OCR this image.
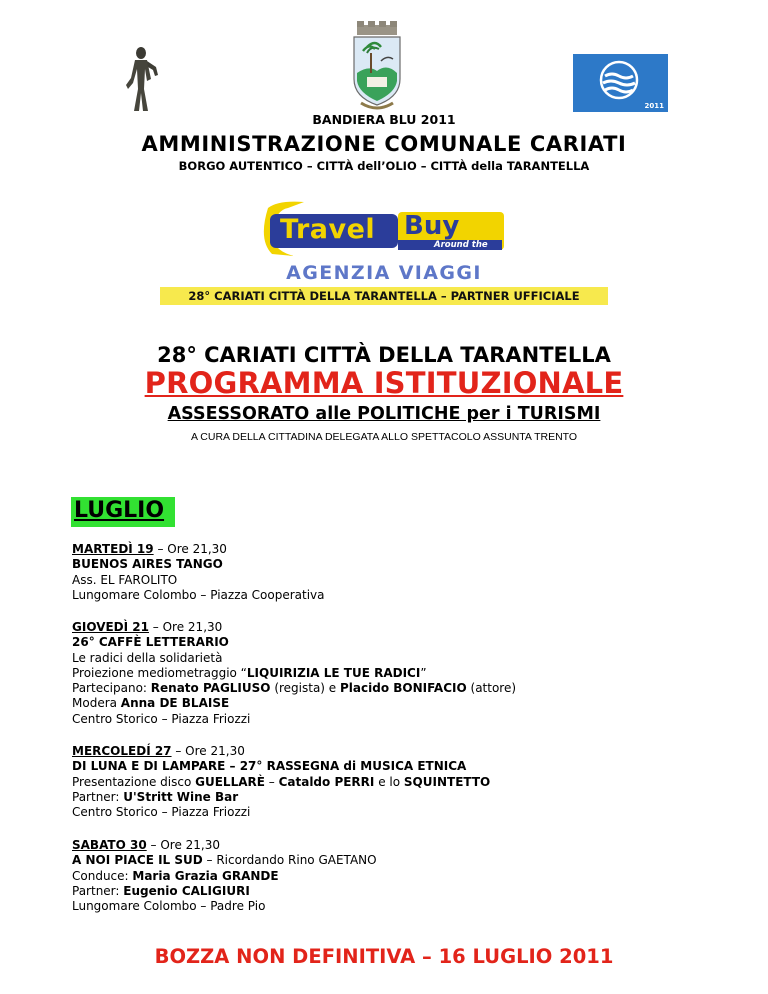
2011
BANDIERA BLU 2011
AMMINISTRAZIONE COMUNALE CARIATI
BORGO AUTENTICO – CITTÀ dell’OLIO – CITTÀ della TARANTELLA
Travel Buy
Around the world
AGENZIA VIAGGI
28° CARIATI CITTÀ DELLA TARANTELLA – PARTNER UFFICIALE
28° CARIATI CITTÀ DELLA TARANTELLA
PROGRAMMA ISTITUZIONALE
ASSESSORATO alle POLITICHE per i TURISMI
A CURA DELLA CITTADINA DELEGATA ALLO SPETTACOLO ASSUNTA TRENTO
LUGLIO
MARTEDÌ 19 – Ore 21,30
BUENOS AIRES TANGO
Ass. EL FAROLITO
Lungomare Colombo – Piazza Cooperativa
GIOVEDÌ 21 – Ore 21,30
26° CAFFÈ LETTERARIO
Le radici della solidarietà
Proiezione mediometraggio “LIQUIRIZIA LE TUE RADICI”
Partecipano: Renato PAGLIUSO (regista) e Placido BONIFACIO (attore)
Modera Anna DE BLAISE
Centro Storico – Piazza Friozzi
MERCOLEDÍ 27 – Ore 21,30
DI LUNA E DI LAMPARE – 27° RASSEGNA di MUSICA ETNICA
Presentazione disco GUELLARÈ – Cataldo PERRI e lo SQUINTETTO
Partner: U'Stritt Wine Bar
Centro Storico – Piazza Friozzi
SABATO 30 – Ore 21,30
A NOI PIACE IL SUD – Ricordando Rino GAETANO
Conduce: Maria Grazia GRANDE
Partner: Eugenio CALIGIURI
Lungomare Colombo – Padre Pio
BOZZA NON DEFINITIVA – 16 LUGLIO 2011
